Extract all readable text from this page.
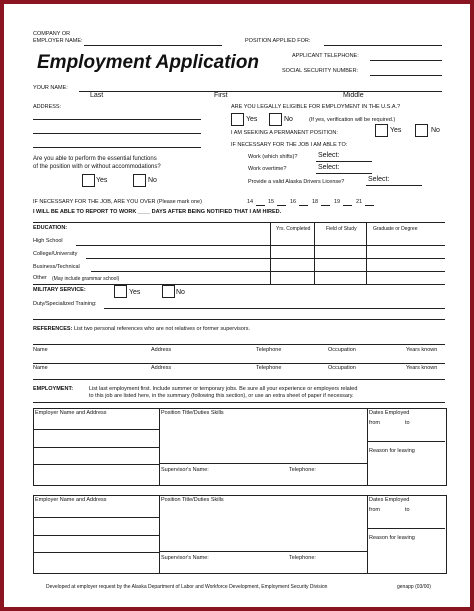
COMPANY OR
EMPLOYER NAME:	POSITION APPLIED FOR:
Employment Application	APPLICANT TELEPHONE:
SOCIAL SECURITY NUMBER:
YOUR NAME:
Last	First	Middle
ADDRESS:	ARE YOU LEGALLY ELIGIBLE FOR EMPLOYMENT IN THE U.S.A.?
Yes	No	(If yes, verification will be required.)
I AM SEEKING A PERMANENT POSITION:	Yes	No
IF NECESSARY FOR THE JOB I AM ABLE TO:
Work (which shifts)?	Select:
Work overtime?	Select:
Provide a valid Alaska Drivers License?	Select:
Are you able to perform the essential functions
of the position with or without accommodations?
Yes	No
IF NECESSARY FOR THE JOB, ARE YOU OVER (Please mark one)	14	15	16	18	19	21
I WILL BE ABLE TO REPORT TO WORK ____ DAYS AFTER BEING NOTIFIED THAT I AM HIRED.
EDUCATION:	Yrs. Completed	Field of Study	Graduate or Degree
High School
College/University
Business/Technical
Other (May include grammar school)
MILITARY SERVICE:	Yes	No
Duty/Specialized Training:
REFERENCES: List two personal references who are not relatives or former supervisors.
Name	Address	Telephone	Occupation	Years known
Name	Address	Telephone	Occupation	Years known
EMPLOYMENT:	List last employment first. Include summer or temporary jobs. Be sure all your experience or employers related
to this job are listed here, in the summary (following this section), or use an extra sheet of paper if necessary.
Employer Name and Address	Position Title/Duties Skills
Supervisor's Name:	Telephone:
Dates Employed
from	to
Reason for leaving
Employer Name and Address	Position Title/Duties Skills
Supervisor's Name:	Telephone:
Dates Employed
from	to
Reason for leaving
Developed at employer request by the Alaska Department of Labor and Workforce Development, Employment Security Division	genapp (03/00)
